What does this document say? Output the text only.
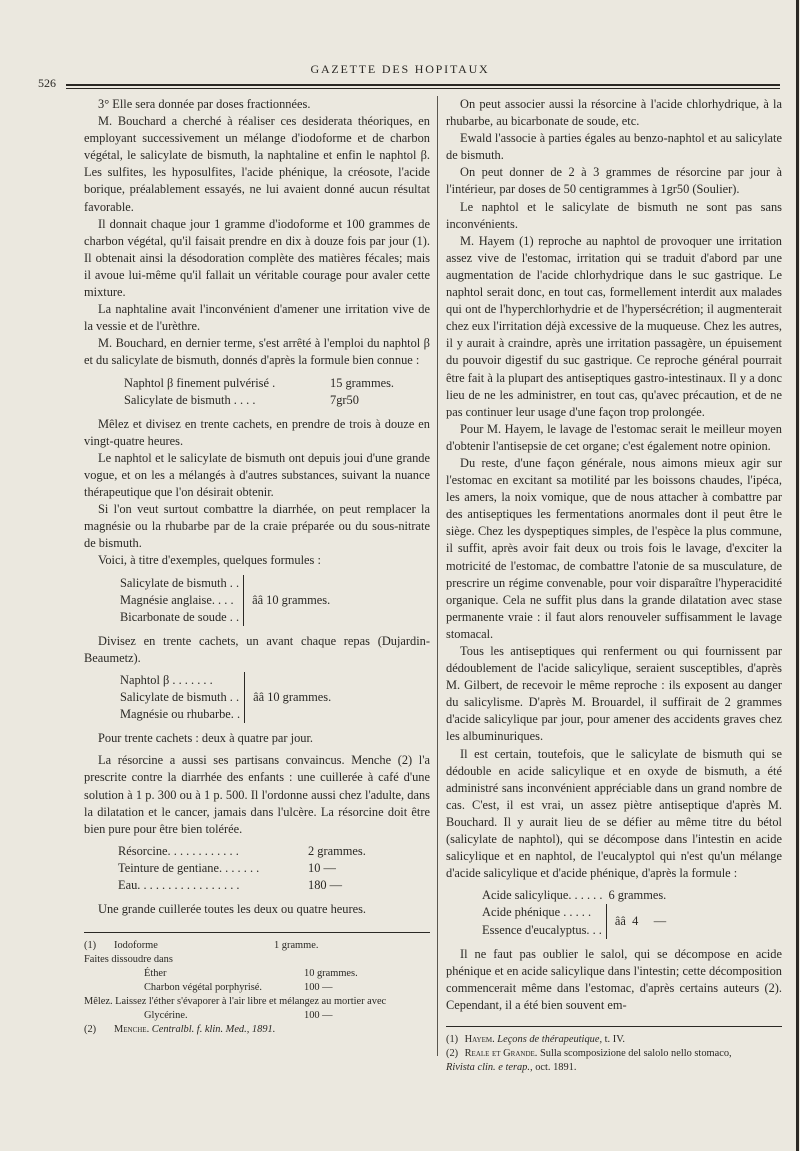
526
GAZETTE DES HOPITAUX

3° Elle sera donnée par doses fractionnées.

M. Bouchard a cherché à réaliser ces desiderata théoriques, en employant successivement un mélange d'iodoforme et de charbon végétal, le salicylate de bismuth, la naphtaline et enfin le naphtol β. Les sulfites, les hyposulfites, l'acide phénique, la créosote, l'acide borique, préalablement essayés, ne lui avaient donné aucun résultat favorable.

Il donnait chaque jour 1 gramme d'iodoforme et 100 grammes de charbon végétal, qu'il faisait prendre en dix à douze fois par jour (1). Il obtenait ainsi la désodoration complète des matières fécales; mais il avoue lui-même qu'il fallait un véritable courage pour avaler cette mixture.

La naphtaline avait l'inconvénient d'amener une irritation vive de la vessie et de l'urèthre.

M. Bouchard, en dernier terme, s'est arrêté à l'emploi du naphtol β et du salicylate de bismuth, donnés d'après la formule bien connue :

Naphtol β finement pulvérisé .	15 grammes.
Salicylate de bismuth . . . .	7gr50

Mêlez et divisez en trente cachets, en prendre de trois à douze en vingt-quatre heures.

Le naphtol et le salicylate de bismuth ont depuis joui d'une grande vogue, et on les a mélangés à d'autres substances, suivant la nuance thérapeutique que l'on désirait obtenir.

Si l'on veut surtout combattre la diarrhée, on peut remplacer la magnésie ou la rhubarbe par de la craie préparée ou du sous-nitrate de bismuth.

Voici, à titre d'exemples, quelques formules :

Salicylate de bismuth . .
Magnésie anglaise. . . .
Bicarbonate de soude . .
ââ 10 grammes.

Divisez en trente cachets, un avant chaque repas (Dujardin-Beaumetz).

Naphtol β . . . . . . .
Salicylate de bismuth . .
Magnésie ou rhubarbe. .
ââ 10 grammes.

Pour trente cachets : deux à quatre par jour.

La résorcine a aussi ses partisans convaincus. Menche (2) l'a prescrite contre la diarrhée des enfants : une cuillerée à café d'une solution à 1 p. 300 ou à 1 p. 500. Il l'ordonne aussi chez l'adulte, dans la dilatation et le cancer, jamais dans l'ulcère. La résorcine doit être bien pure pour être bien tolérée.

Résorcine . . . . . . . . . . . .	2 grammes.
Teinture de gentiane . . . . . . .	10 —
Eau . . . . . . . . . . . . . . . . .	180 —

Une grande cuillerée toutes les deux ou quatre heures.

(1)	Iodoforme	1 gramme.
Faites dissoudre dans
Éther	10 grammes.
Charbon végétal porphyrisé.	100 —
Mêlez. Laissez l'éther s'évaporer à l'air libre et mélangez au mortier avec
Glycérine.	100 —
(2)	Menche.
Centralbl. f. klin. Med., 1891.

On peut associer aussi la résorcine à l'acide chlorhydrique, à la rhubarbe, au bicarbonate de soude, etc.

Ewald l'associe à parties égales au benzo-naphtol et au salicylate de bismuth.

On peut donner de 2 à 3 grammes de résorcine par jour à l'intérieur, par doses de 50 centigrammes à 1gr50 (Soulier).

Le naphtol et le salicylate de bismuth ne sont pas sans inconvénients.

M. Hayem (1) reproche au naphtol de provoquer une irritation assez vive de l'estomac, irritation qui se traduit d'abord par une augmentation de l'acide chlorhydrique dans le suc gastrique. Le naphtol serait donc, en tout cas, formellement interdit aux malades qui ont de l'hyperchlorhydrie et de l'hypersécrétion; il augmenterait chez eux l'irritation déjà excessive de la muqueuse. Chez les autres, il y aurait à craindre, après une irritation passagère, un épuisement du pouvoir digestif du suc gastrique. Ce reproche général pourrait être fait à la plupart des antiseptiques gastro-intestinaux. Il y a donc lieu de ne les administrer, en tout cas, qu'avec précaution, et de ne pas continuer leur usage d'une façon trop prolongée.

Pour M. Hayem, le lavage de l'estomac serait le meilleur moyen d'obtenir l'antisepsie de cet organe; c'est également notre opinion.

Du reste, d'une façon générale, nous aimons mieux agir sur l'estomac en excitant sa motilité par les boissons chaudes, l'ipéca, les amers, la noix vomique, que de nous attacher à combattre par des antiseptiques les fermentations anormales dont il peut être le siège. Chez les dyspeptiques simples, de l'espèce la plus commune, il suffit, après avoir fait deux ou trois fois le lavage, d'exciter la motricité de l'estomac, de combattre l'atonie de sa musculature, de prescrire un régime convenable, pour voir disparaître l'hyperacidité organique. Cela ne suffit plus dans la grande dilatation avec stase permanente vraie : il faut alors renouveler suffisamment le lavage stomacal.

Tous les antiseptiques qui renferment ou qui fournissent par dédoublement de l'acide salicylique, seraient susceptibles, d'après M. Gilbert, de recevoir le même reproche : ils exposent au danger du salicylisme. D'après M. Brouardel, il suffirait de 2 grammes d'acide salicylique par jour, pour amener des accidents graves chez les albuminuriques.

Il est certain, toutefois, que le salicylate de bismuth qui se dédouble en acide salicylique et en oxyde de bismuth, a été administré sans inconvénient appréciable dans un grand nombre de cas. C'est, il est vrai, un assez piètre antiseptique d'après M. Bouchard. Il y aurait lieu de se défier au même titre du bétol (salicylate de naphtol), qui se décompose dans l'intestin en acide salicylique et en naphtol, de l'eucalyptol qui n'est qu'un mélange d'acide salicylique et d'acide phénique, d'après la formule :

Acide salicylique . . . . . . 6 grammes.
Acide phénique . . . . .
Essence d'eucalyptus. . .
ââ  4     —

Il ne faut pas oublier le salol, qui se décompose en acide phénique et en acide salicylique dans l'intestin; cette décomposition commencerait même dans l'estomac, d'après certains auteurs (2). Cependant, il a été bien souvent em-

(1) Hayem. Leçons de thérapeutique, t. IV.
(2) Reale et Grande. Sulla scomposizione del salolo nello stomaco,
Rivista clin. e terap., oct. 1891.
